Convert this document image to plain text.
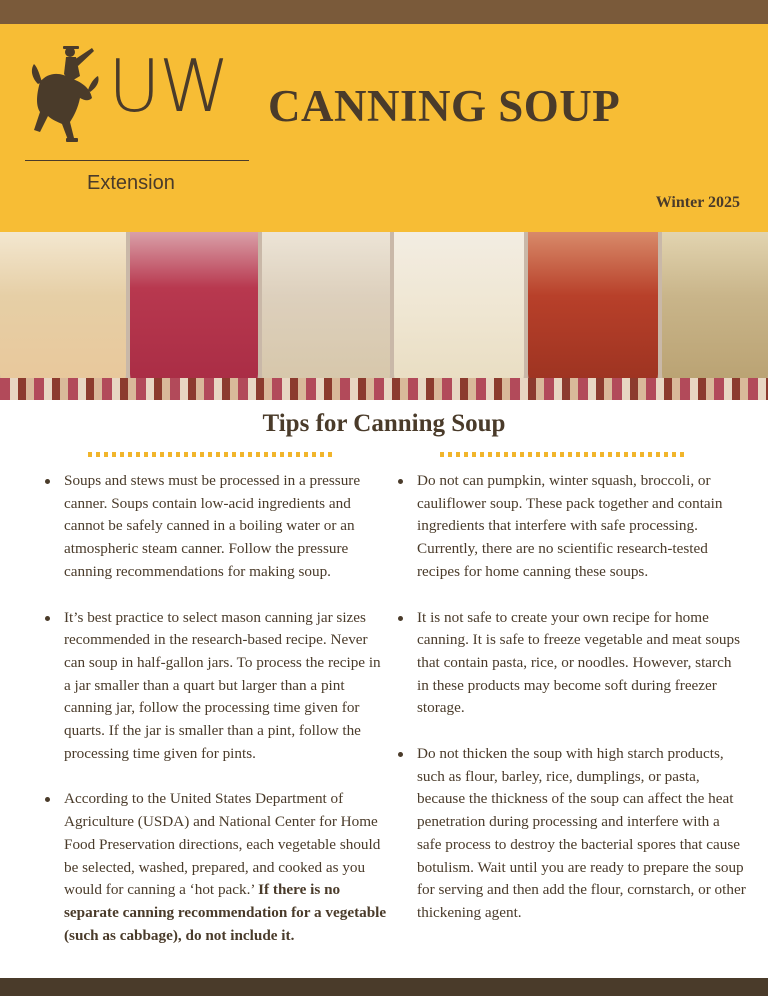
UW
Extension
CANNING SOUP
Winter 2025
Tips for Canning Soup
Soups and stews must be processed in a pressure canner. Soups contain low-acid ingredients and cannot be safely canned in a boiling water or an atmospheric steam canner. Follow the pressure canning recommendations for making soup.
It’s best practice to select mason canning jar sizes recommended in the research-based recipe. Never can soup in half-gallon jars. To process the recipe in a jar smaller than a quart but larger than a pint canning jar, follow the processing time given for quarts. If the jar is smaller than a pint, follow the processing time given for pints.
According to the United States Department of Agriculture (USDA) and National Center for Home Food Preservation directions, each vegetable should be selected, washed, prepared, and cooked as you would for canning a ‘hot pack.’ If there is no separate canning recommendation for a vegetable (such as cabbage), do not include it.
Do not can pumpkin, winter squash, broccoli, or cauliflower soup. These pack together and contain ingredients that interfere with safe processing. Currently, there are no scientific research-tested recipes for home canning these soups.
It is not safe to create your own recipe for home canning. It is safe to freeze vegetable and meat soups that contain pasta, rice, or noodles. However, starch in these products may become soft during freezer storage.
Do not thicken the soup with high starch products, such as flour, barley, rice, dumplings, or pasta, because the thickness of the soup can affect the heat penetration during processing and interfere with a safe process to destroy the bacterial spores that cause botulism. Wait until you are ready to prepare the soup for serving and then add the flour, cornstarch, or other thickening agent.
